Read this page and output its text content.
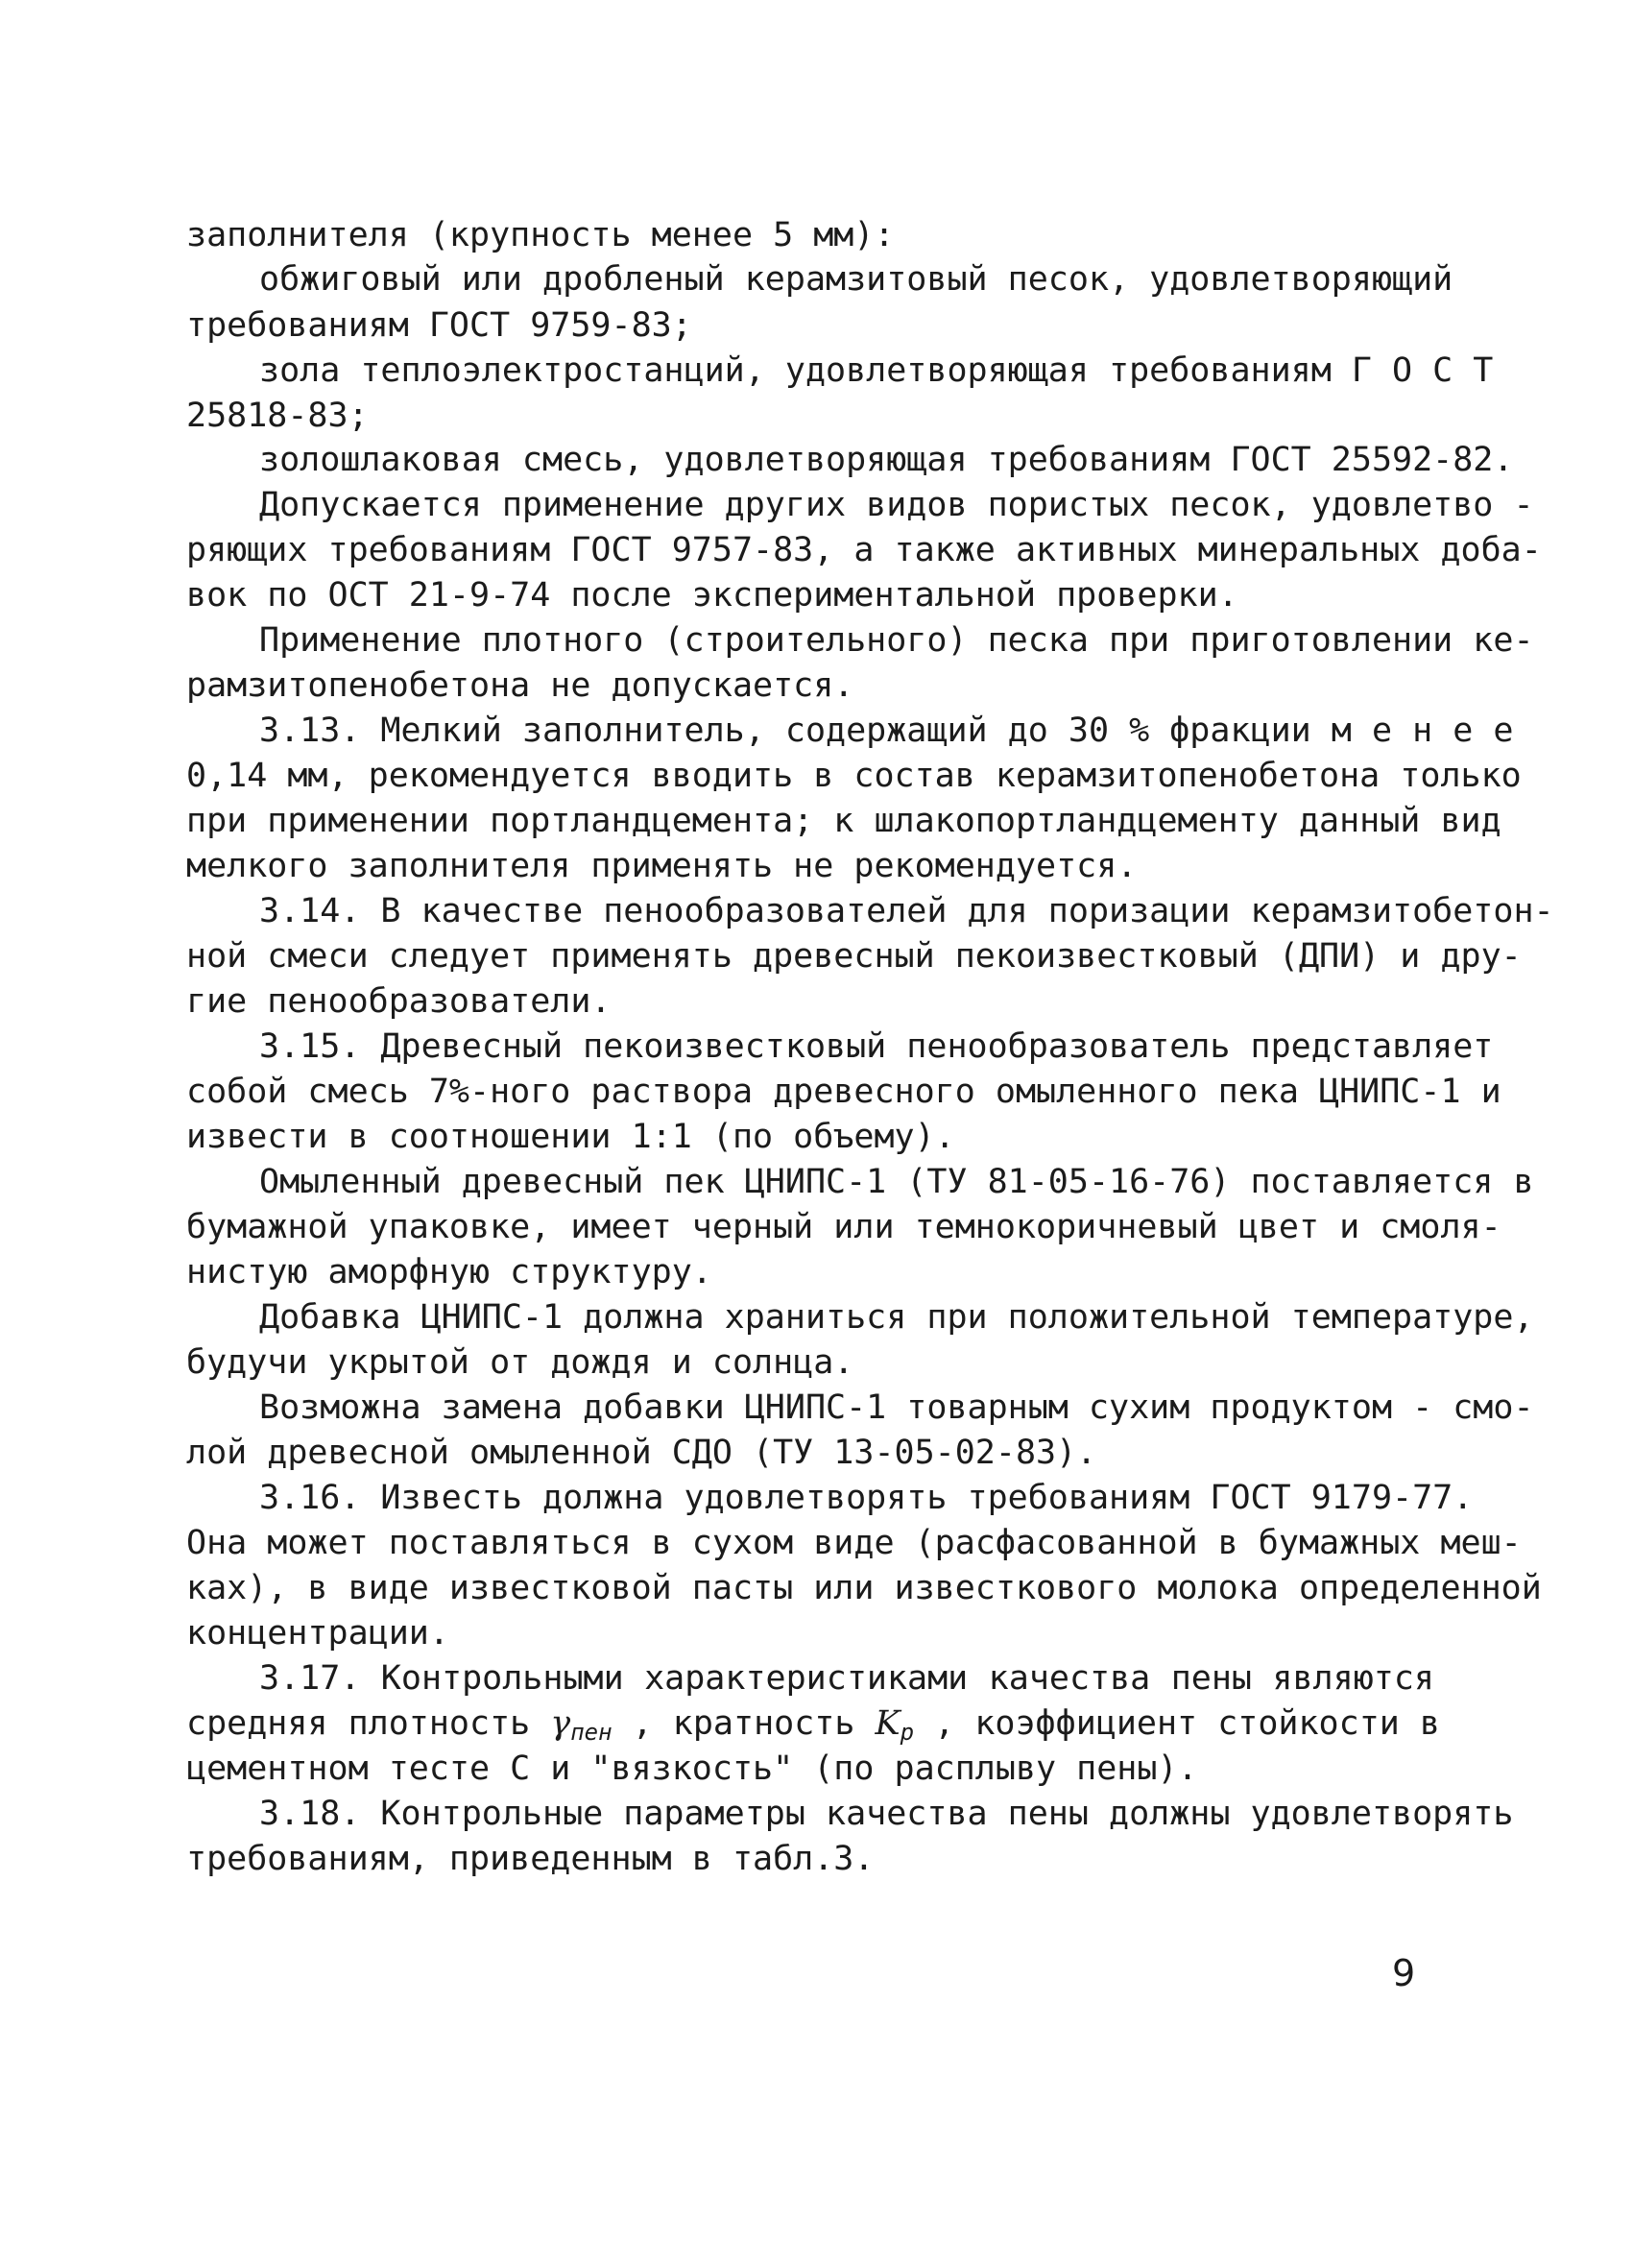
заполнителя (крупность менее 5 мм):
обжиговый или дробленый керамзитовый песок, удовлетворяющий
требованиям ГОСТ 9759-83;
зола теплоэлектростанций, удовлетворяющая требованиям Г О С Т
25818-83;
золошлаковая смесь, удовлетворяющая требованиям ГОСТ 25592-82.
Допускается применение других видов пористых песок, удовлетво -
ряющих требованиям ГОСТ 9757-83, а также активных минеральных доба-
вок по ОСТ 21-9-74 после экспериментальной проверки.
Применение плотного (строительного) песка при приготовлении ке-
рамзитопенобетона не допускается.
3.13. Мелкий заполнитель, содержащий до 30 % фракции м е н е е
0,14 мм, рекомендуется вводить в состав керамзитопенобетона только
при применении портландцемента; к шлакопортландцементу данный вид
мелкого заполнителя применять не рекомендуется.
3.14. В качестве пенообразователей для поризации керамзитобетон-
ной смеси следует применять древесный пекоизвестковый (ДПИ) и дру-
гие пенообразователи.
3.15. Древесный пекоизвестковый пенообразователь представляет
собой смесь 7%-ного раствора древесного омыленного пека ЦНИПС-1 и
извести в соотношении 1:1 (по объему).
Омыленный древесный пек ЦНИПС-1 (ТУ 81-05-16-76) поставляется в
бумажной упаковке, имеет черный или темнокоричневый цвет и смоля-
нистую аморфную структуру.
Добавка ЦНИПС-1 должна храниться при положительной температуре,
будучи укрытой от дождя и солнца.
Возможна замена добавки ЦНИПС-1 товарным сухим продуктом - смо-
лой древесной омыленной СДО (ТУ 13-05-02-83).
3.16. Известь должна удовлетворять требованиям ГОСТ 9179-77.
Она может поставляться в сухом виде (расфасованной в бумажных меш-
ках), в виде известковой пасты или известкового молока определенной
концентрации.
3.17. Контрольными характеристиками качества пены являются
средняя плотность $\gamma_{пен}$ , кратность $K_р$ , коэффициент стойкости в
цементном тесте С и "вязкость" (по расплыву пены).
3.18. Контрольные параметры качества пены должны удовлетворять
требованиям, приведенным в табл.3.
9
